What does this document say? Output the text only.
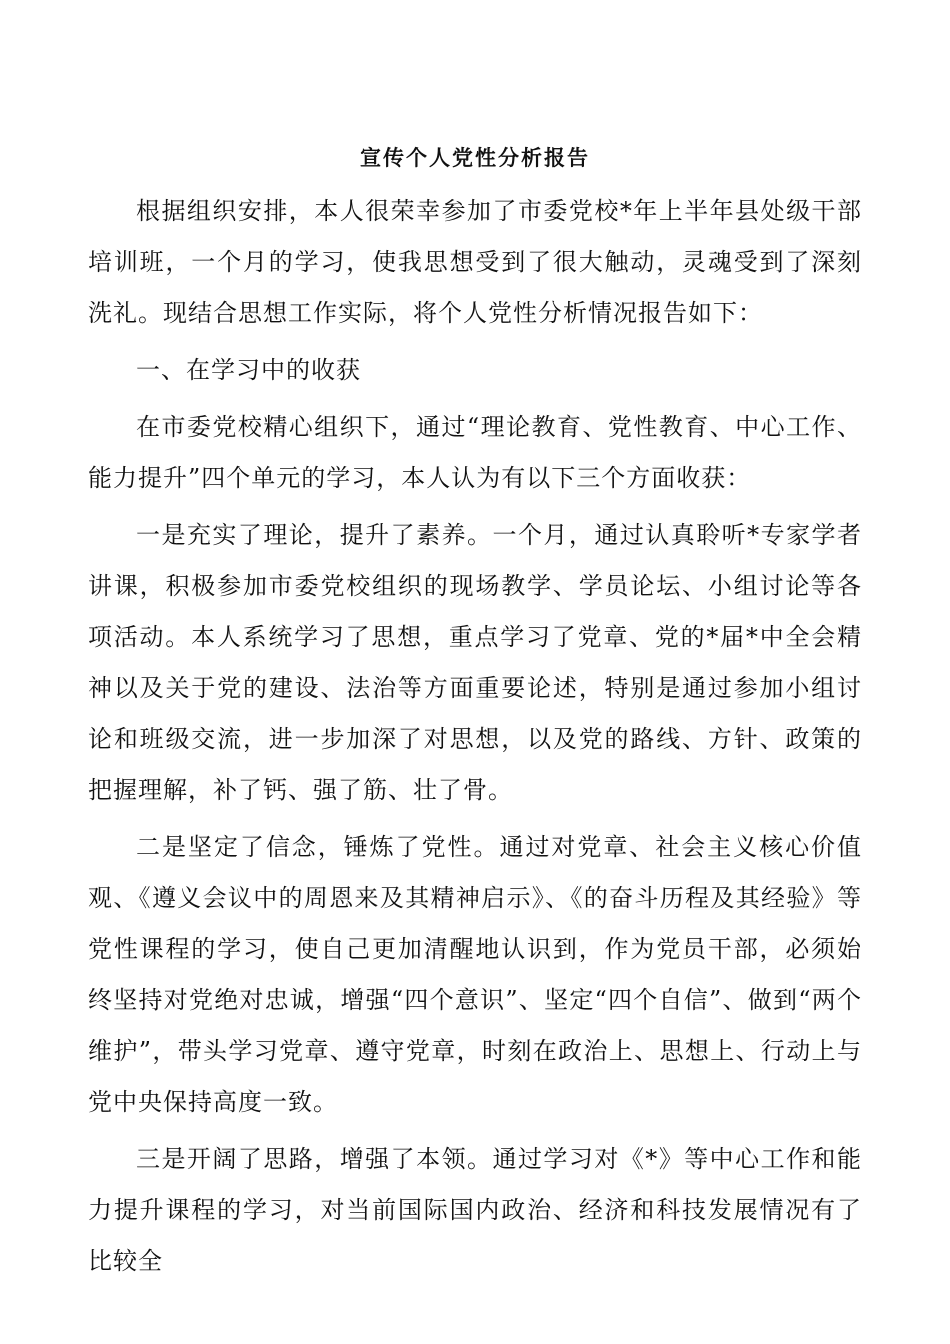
宣传个人党性分析报告

根据组织安排，本人很荣幸参加了市委党校*年上半年县处级干部培训班，一个月的学习，使我思想受到了很大触动，灵魂受到了深刻洗礼。现结合思想工作实际，将个人党性分析情况报告如下：

一、在学习中的收获

在市委党校精心组织下，通过“理论教育、党性教育、中心工作、能力提升”四个单元的学习，本人认为有以下三个方面收获：

一是充实了理论，提升了素养。一个月，通过认真聆听*专家学者讲课，积极参加市委党校组织的现场教学、学员论坛、小组讨论等各项活动。本人系统学习了思想，重点学习了党章、党的*届*中全会精神以及关于党的建设、法治等方面重要论述，特别是通过参加小组讨论和班级交流，进一步加深了对思想，以及党的路线、方针、政策的把握理解，补了钙、强了筋、壮了骨。

二是坚定了信念，锤炼了党性。通过对党章、社会主义核心价值观、《遵义会议中的周恩来及其精神启示》、《的奋斗历程及其经验》等党性课程的学习，使自己更加清醒地认识到，作为党员干部，必须始终坚持对党绝对忠诚，增强“四个意识”、坚定“四个自信”、做到“两个维护”，带头学习党章、遵守党章，时刻在政治上、思想上、行动上与党中央保持高度一致。

三是开阔了思路，增强了本领。通过学习对《*》等中心工作和能力提升课程的学习，对当前国际国内政治、经济和科技发展情况有了比较全
